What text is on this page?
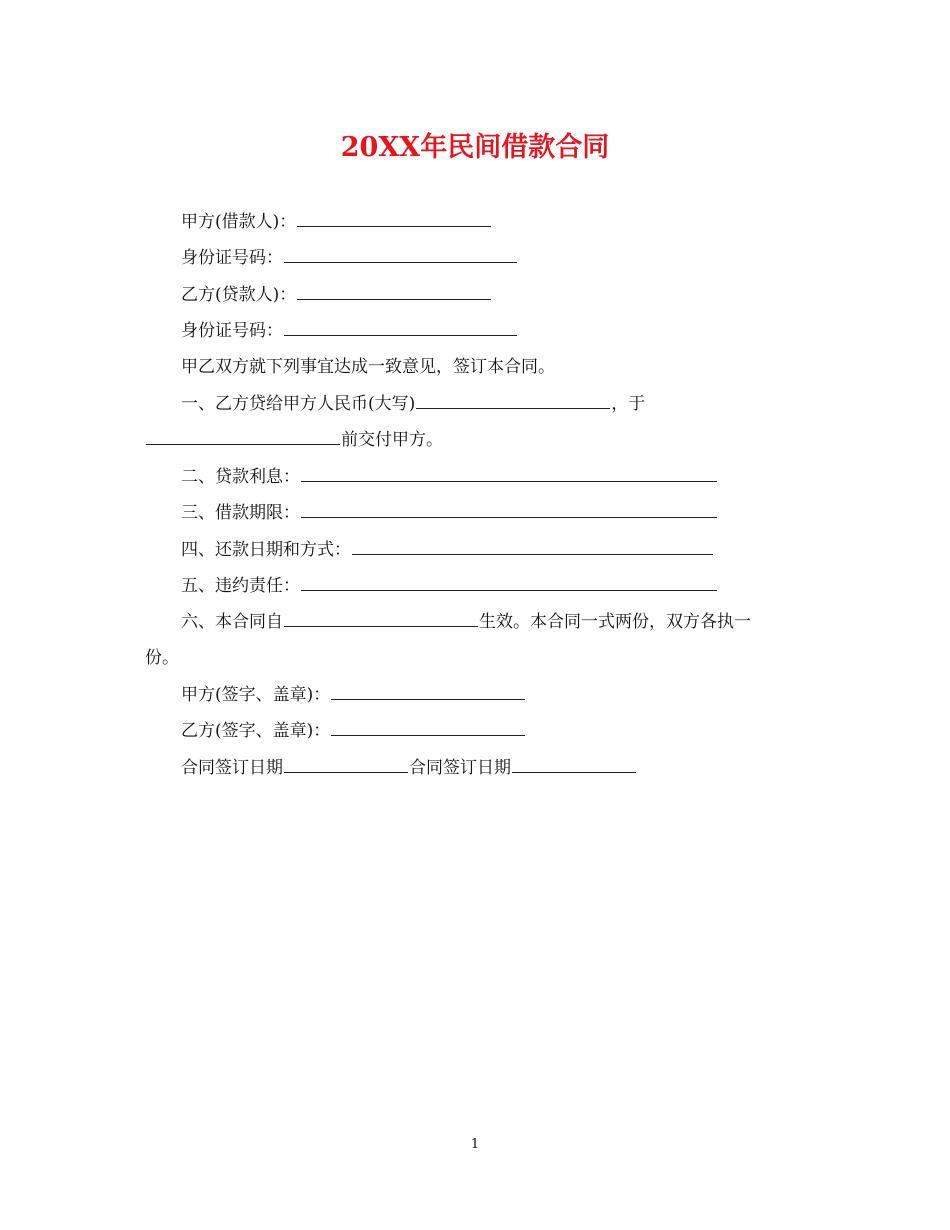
20XX年民间借款合同
甲方(借款人)：
身份证号码：
乙方(贷款人)：
身份证号码：
甲乙双方就下列事宜达成一致意见，签订本合同。
一、乙方贷给甲方人民币(大写)	，于
前交付甲方。
二、贷款利息：
三、借款期限：
四、还款日期和方式：
五、违约责任：
六、本合同自	生效。本合同一式两份，双方各执一
份。
甲方(签字、盖章)：
乙方(签字、盖章)：
合同签订日期	合同签订日期
1
